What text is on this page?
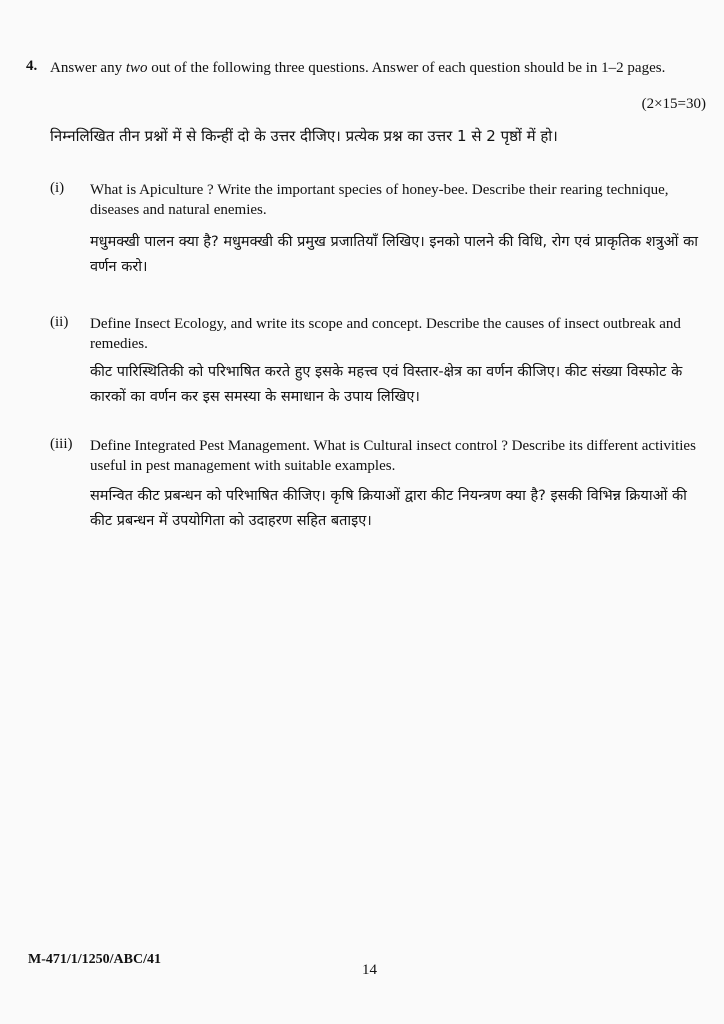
4. Answer any two out of the following three questions. Answer of each question should be in 1–2 pages.
(2×15=30)
निम्नलिखित तीन प्रश्नों में से किन्हीं दो के उत्तर दीजिए। प्रत्येक प्रश्न का उत्तर 1 से 2 पृष्ठों में हो।
(i) What is Apiculture ? Write the important species of honey-bee. Describe their rearing technique, diseases and natural enemies.
मधुमक्खी पालन क्या है? मधुमक्खी की प्रमुख प्रजातियाँ लिखिए। इनको पालने की विधि, रोग एवं प्राकृतिक शत्रुओं का वर्णन करो।
(ii) Define Insect Ecology, and write its scope and concept. Describe the causes of insect outbreak and remedies.
कीट पारिस्थितिकी को परिभाषित करते हुए इसके महत्त्व एवं विस्तार-क्षेत्र का वर्णन कीजिए। कीट संख्या विस्फोट के कारकों का वर्णन कर इस समस्या के समाधान के उपाय लिखिए।
(iii) Define Integrated Pest Management. What is Cultural insect control ? Describe its different activities useful in pest management with suitable examples.
समन्वित कीट प्रबन्धन को परिभाषित कीजिए। कृषि क्रियाओं द्वारा कीट नियन्त्रण क्या है? इसकी विभिन्न क्रियाओं की कीट प्रबन्धन में उपयोगिता को उदाहरण सहित बताइए।
M-471/1/1250/ABC/41
14
